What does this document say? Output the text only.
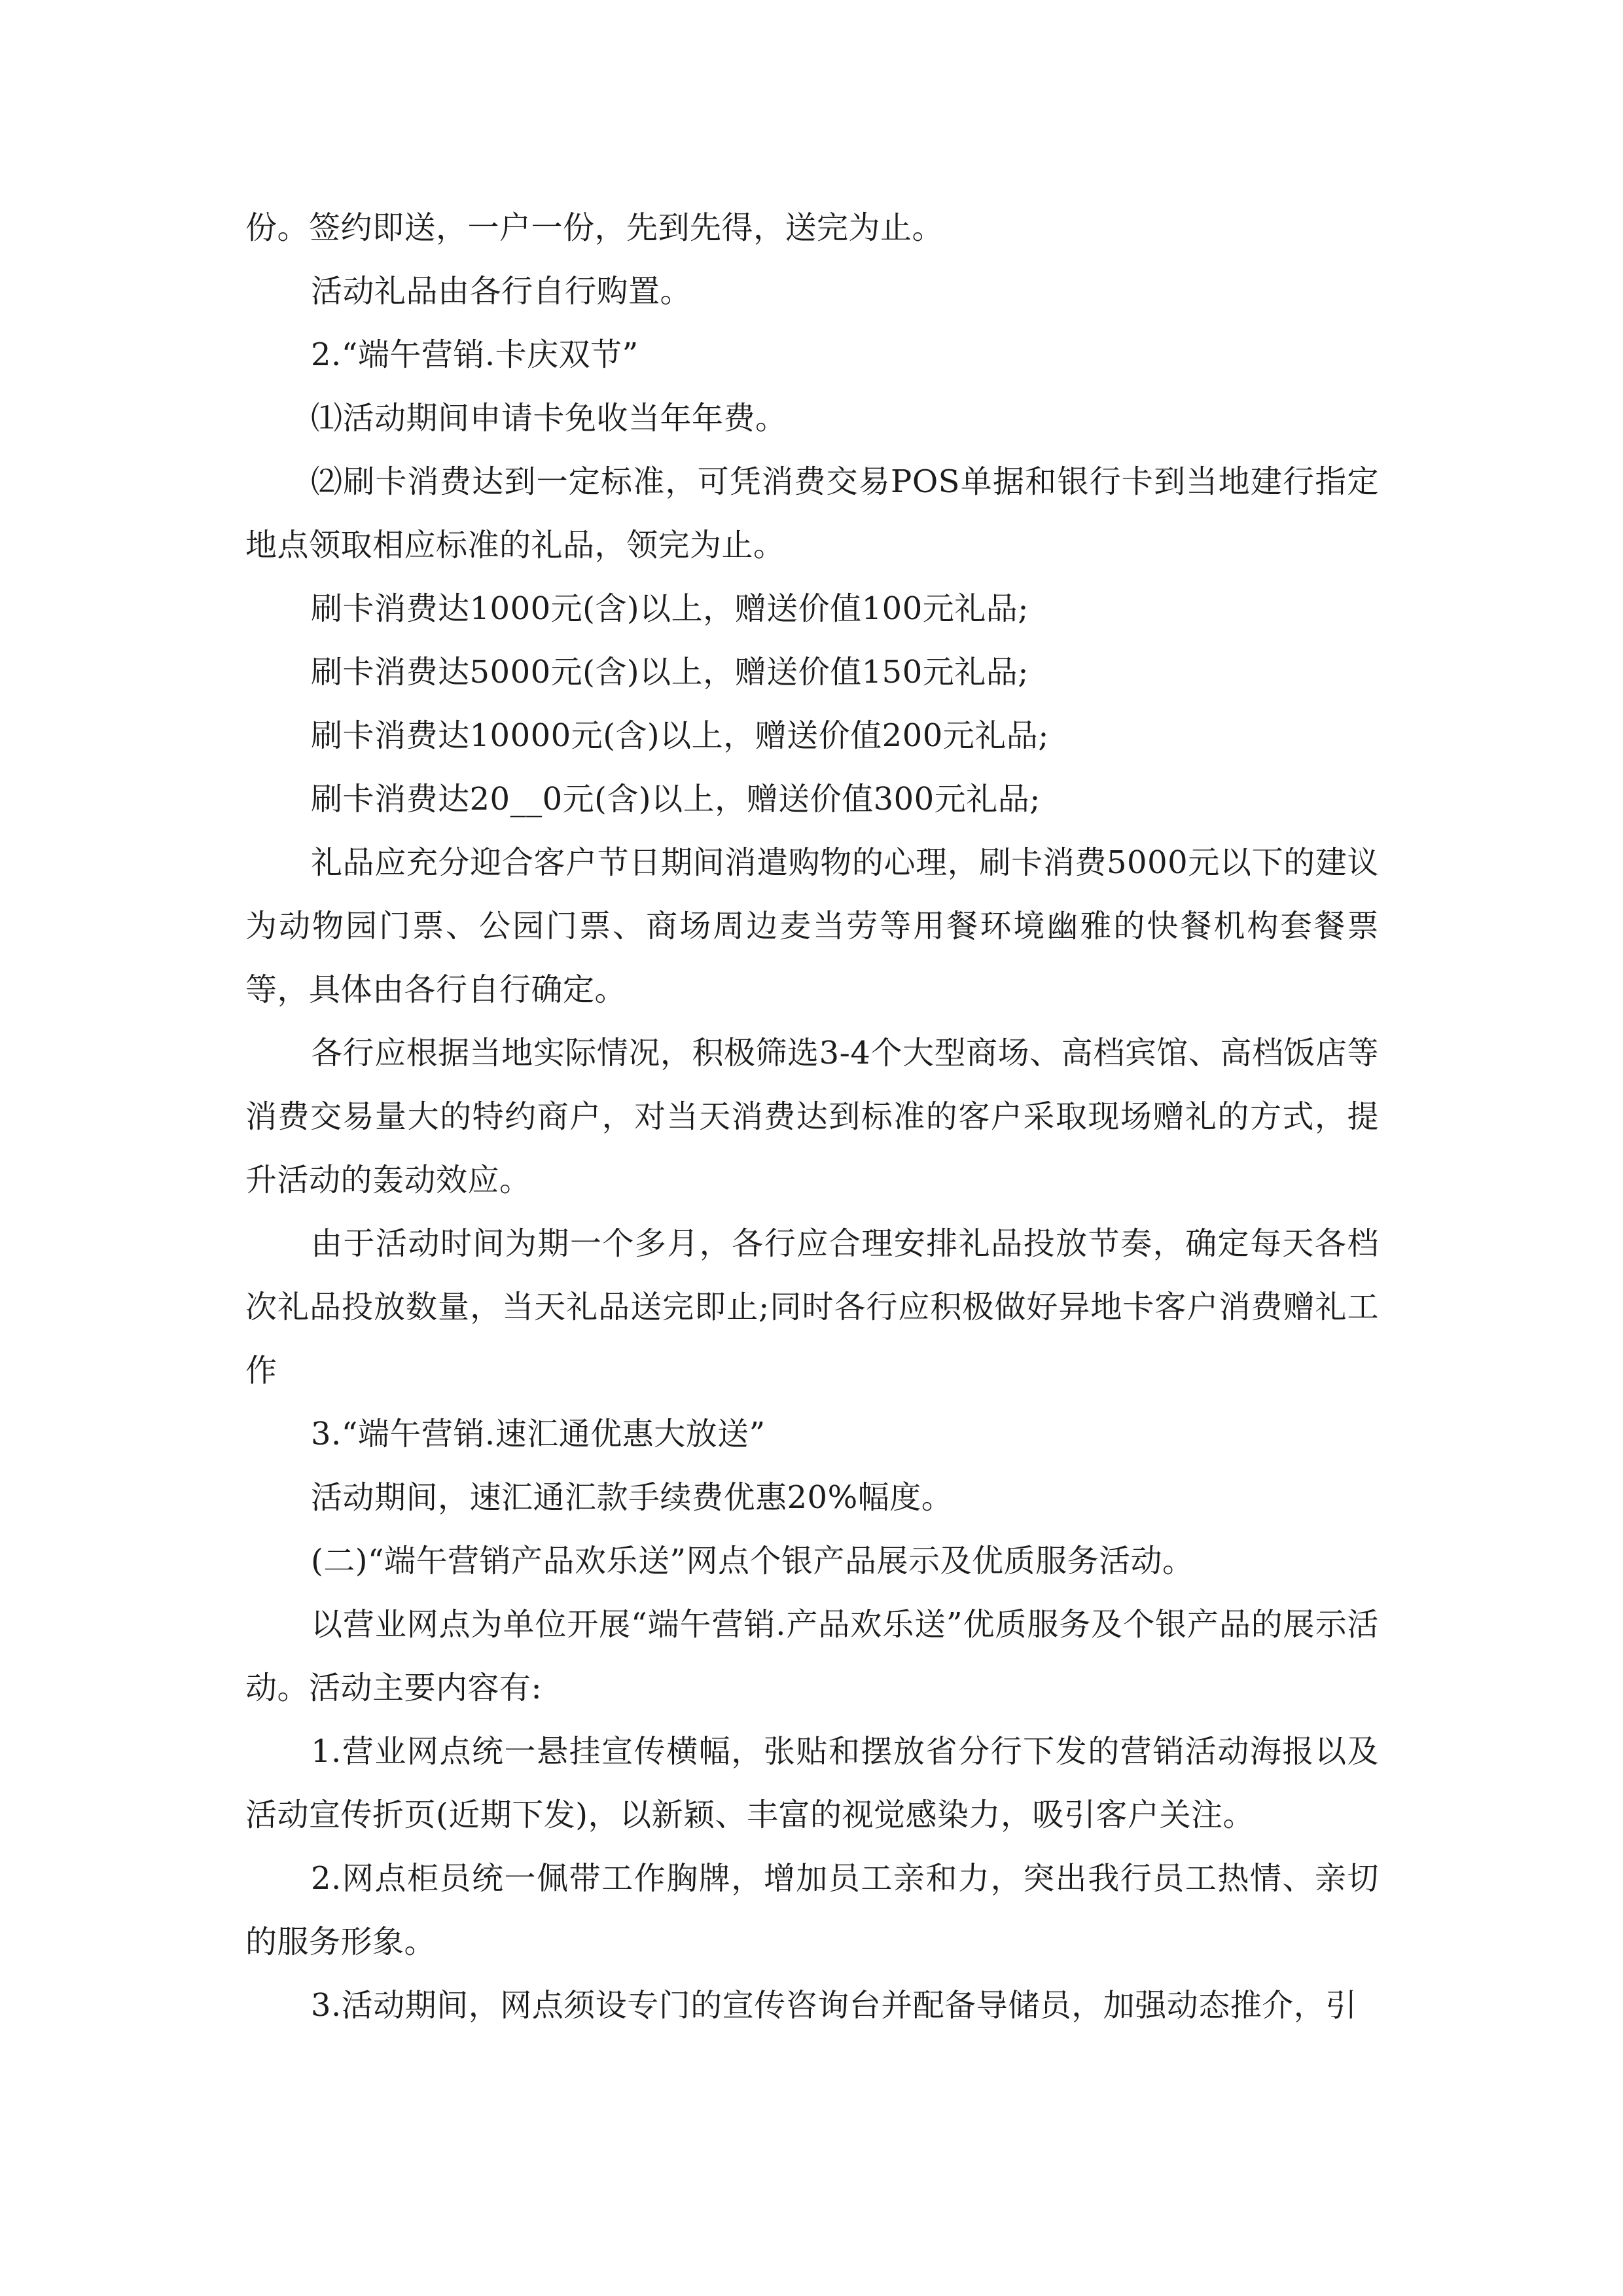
份。签约即送，一户一份，先到先得，送完为止。

活动礼品由各行自行购置。

2.“端午营销.卡庆双节”

⑴活动期间申请卡免收当年年费。

⑵刷卡消费达到一定标准，可凭消费交易POS单据和银行卡到当地建行指定地点领取相应标准的礼品，领完为止。

刷卡消费达1000元(含)以上，赠送价值100元礼品;

刷卡消费达5000元(含)以上，赠送价值150元礼品;

刷卡消费达10000元(含)以上，赠送价值200元礼品;

刷卡消费达20__0元(含)以上，赠送价值300元礼品;

礼品应充分迎合客户节日期间消遣购物的心理，刷卡消费5000元以下的建议为动物园门票、公园门票、商场周边麦当劳等用餐环境幽雅的快餐机构套餐票等，具体由各行自行确定。

各行应根据当地实际情况，积极筛选3-4个大型商场、高档宾馆、高档饭店等消费交易量大的特约商户，对当天消费达到标准的客户采取现场赠礼的方式，提升活动的轰动效应。

由于活动时间为期一个多月，各行应合理安排礼品投放节奏，确定每天各档次礼品投放数量，当天礼品送完即止;同时各行应积极做好异地卡客户消费赠礼工作

3.“端午营销.速汇通优惠大放送”

活动期间，速汇通汇款手续费优惠20%幅度。

(二)“端午营销产品欢乐送”网点个银产品展示及优质服务活动。

以营业网点为单位开展“端午营销.产品欢乐送”优质服务及个银产品的展示活动。活动主要内容有:

1.营业网点统一悬挂宣传横幅，张贴和摆放省分行下发的营销活动海报以及活动宣传折页(近期下发)，以新颖、丰富的视觉感染力，吸引客户关注。

2.网点柜员统一佩带工作胸牌，增加员工亲和力，突出我行员工热情、亲切的服务形象。

3.活动期间，网点须设专门的宣传咨询台并配备导储员，加强动态推介，引
